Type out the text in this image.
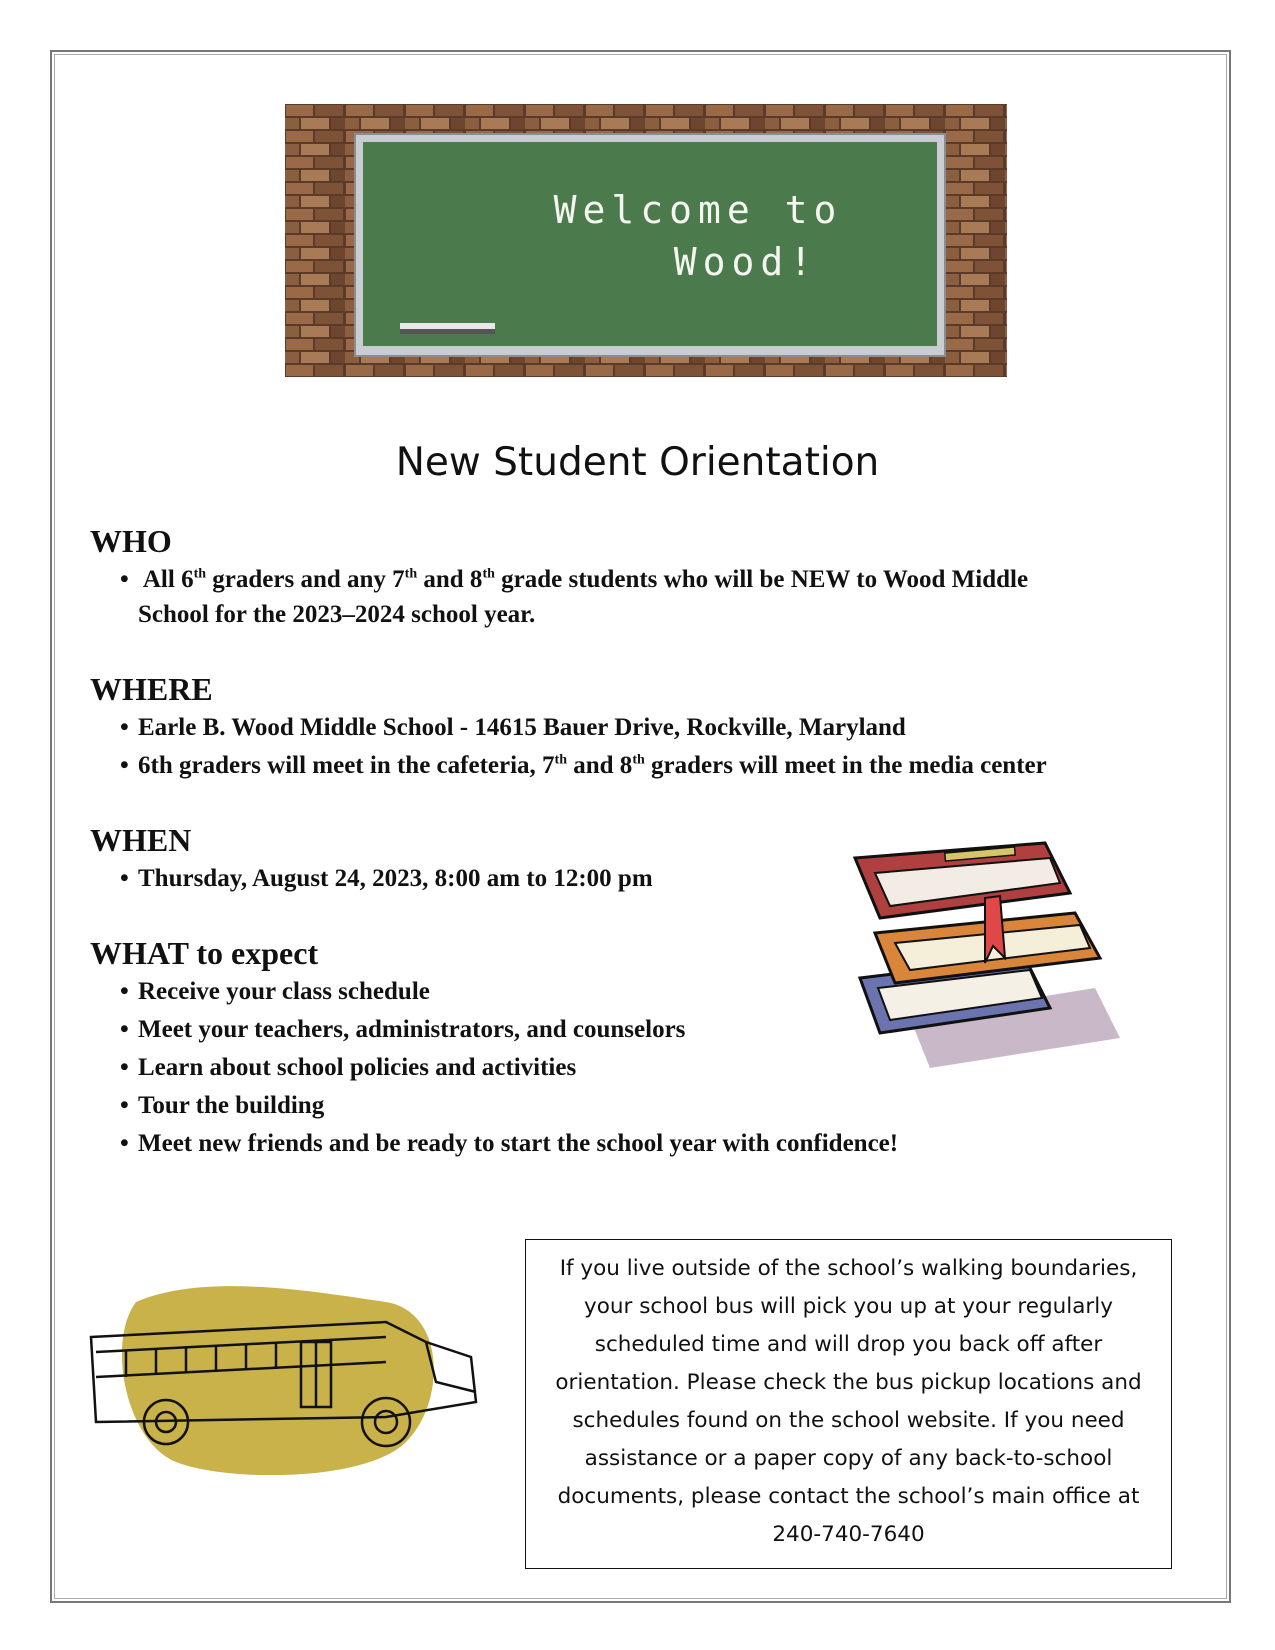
Welcome to
Wood!
New Student Orientation
WHO
• All 6th graders and any 7th and 8th grade students who will be NEW to Wood Middle
School for the 2023–2024 school year.
WHERE
• Earle B. Wood Middle School - 14615 Bauer Drive, Rockville, Maryland
• 6th graders will meet in the cafeteria, 7th and 8th graders will meet in the media center
WHEN
• Thursday, August 24, 2023, 8:00 am to 12:00 pm
WHAT to expect
• Receive your class schedule
• Meet your teachers, administrators, and counselors
• Learn about school policies and activities
• Tour the building
• Meet new friends and be ready to start the school year with confidence!
If you live outside of the school’s walking boundaries,
your school bus will pick you up at your regularly
scheduled time and will drop you back off after
orientation. Please check the bus pickup locations and
schedules found on the school website. If you need
assistance or a paper copy of any back-to-school
documents, please contact the school’s main office at
240-740-7640
